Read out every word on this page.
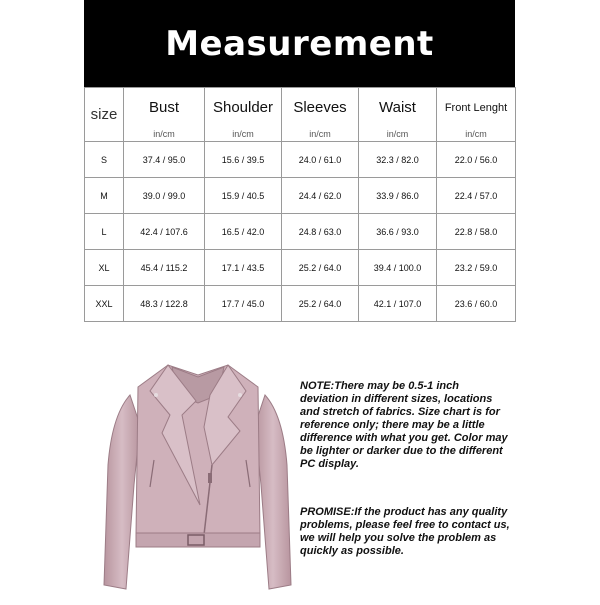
Measurement
size	Bust	Shoulder	Sleeves	Waist	Front Lenght
	in/cm	in/cm	in/cm	in/cm	in/cm
S	37.4 / 95.0	15.6 / 39.5	24.0 / 61.0	32.3 / 82.0	22.0 / 56.0
M	39.0 / 99.0	15.9 / 40.5	24.4 / 62.0	33.9 / 86.0	22.4 / 57.0
L	42.4 / 107.6	16.5 / 42.0	24.8 / 63.0	36.6 / 93.0	22.8 / 58.0
XL	45.4 / 115.2	17.1 / 43.5	25.2 / 64.0	39.4 / 100.0	23.2 / 59.0
XXL	48.3 / 122.8	17.7 / 45.0	25.2 / 64.0	42.1 / 107.0	23.6 / 60.0

NOTE:There may be 0.5-1 inch deviation in different sizes, locations and stretch of fabrics. Size chart is for reference only; there may be a little difference with what you get. Color may be lighter or darker due to the different PC display.

PROMISE:If the product has any quality problems, please feel free to contact us, we will help you solve the problem as quickly as possible.
